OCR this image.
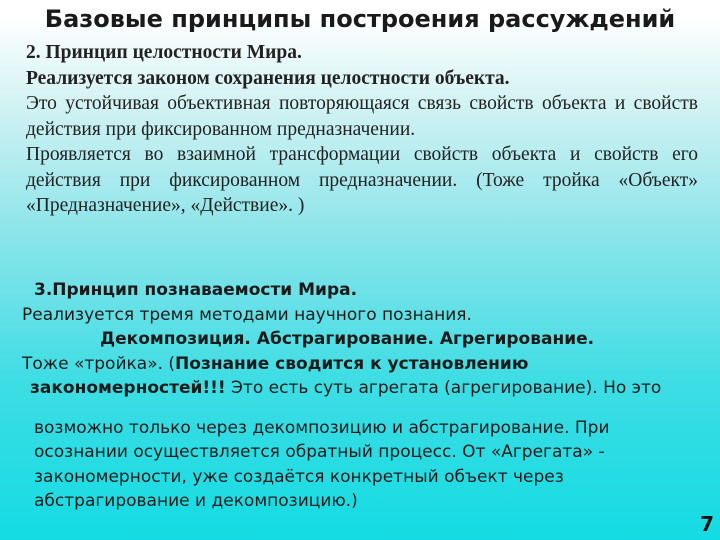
Базовые принципы построения рассуждений

2. Принцип целостности Мира.

Реализуется законом сохранения целостности объекта.

Это устойчивая объективная повторяющаяся связь свойств объекта и свойств действия при фиксированном предназначении.

Проявляется во взаимной трансформации свойств объекта и свойств его действия при фиксированном предназначении. (Тоже тройка «Объект» «Предназначение», «Действие». )

3.Принцип познаваемости Мира.

Реализуется тремя методами научного познания.

Декомпозиция. Абстрагирование. Агрегирование.

Тоже «тройка». (Познание сводится к установлению

закономерностей!!! Это есть суть агрегата (агрегирование). Но это

возможно только через декомпозицию и абстрагирование. При

осознании осуществляется обратный процесс. От «Агрегата» -

закономерности, уже создаётся конкретный объект через

абстрагирование и декомпозицию.)

7
